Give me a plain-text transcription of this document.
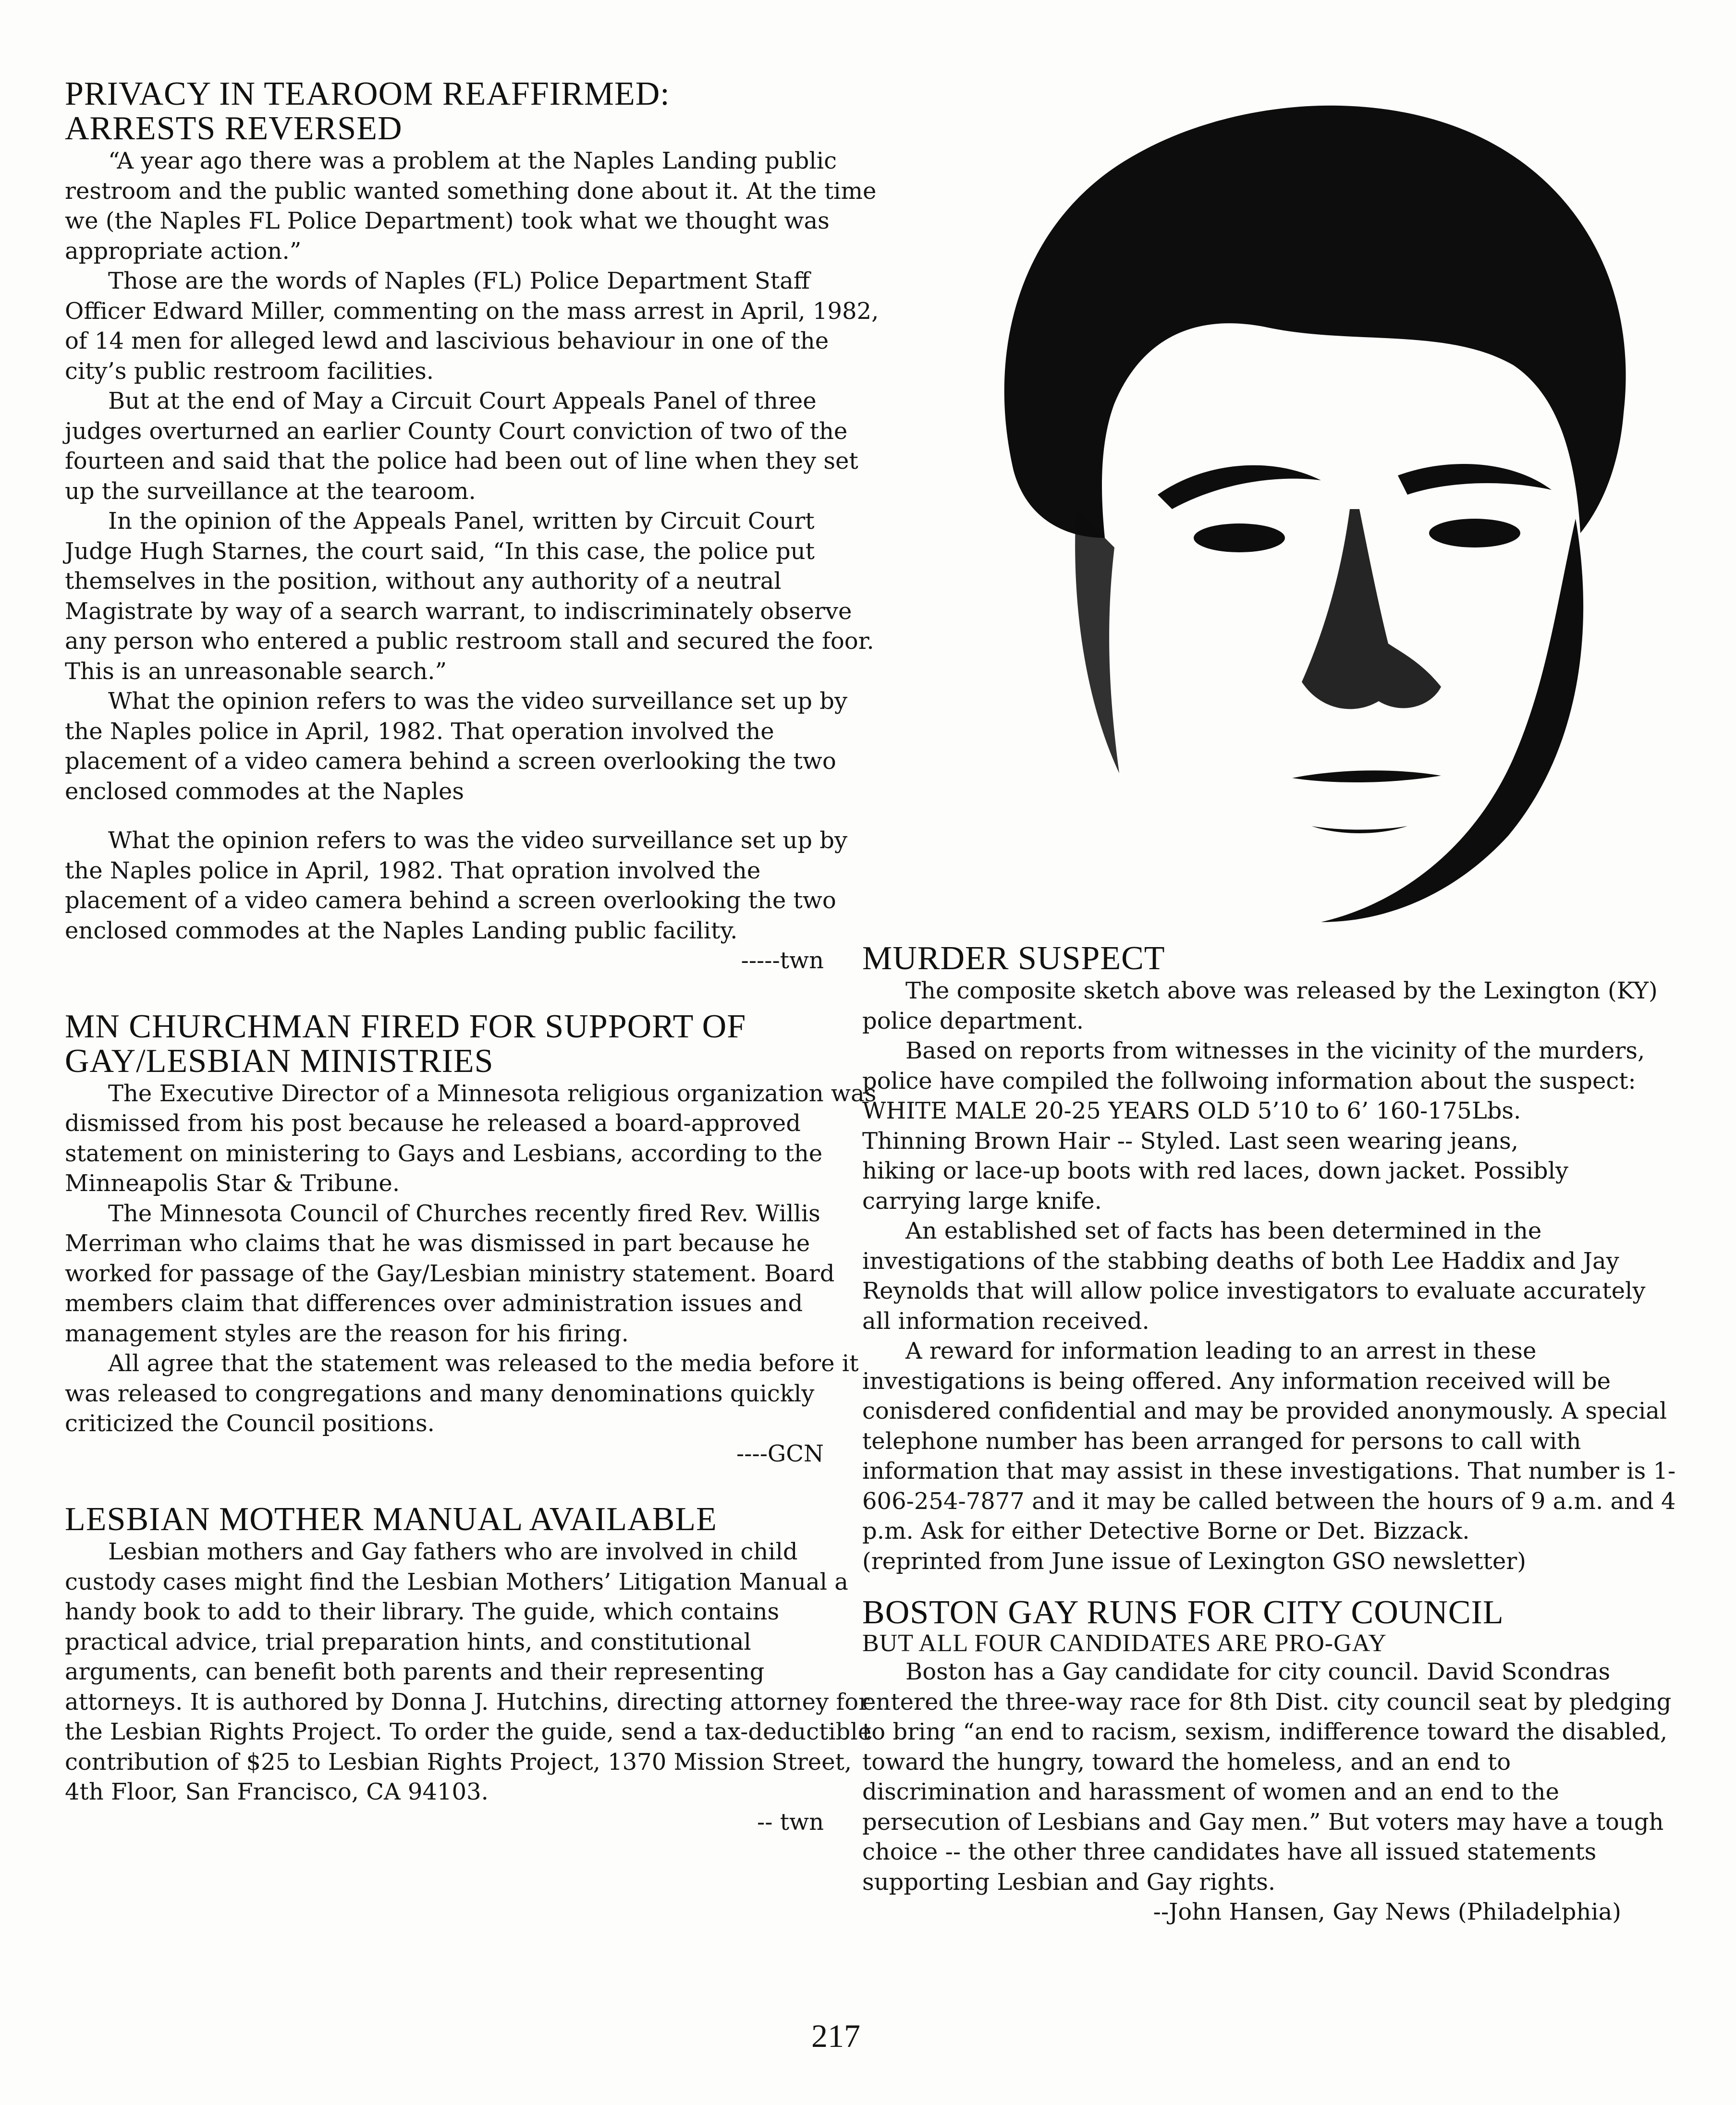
PRIVACY IN TEAROOM REAFFIRMED:
ARRESTS REVERSED

“A year ago there was a problem at the Naples Landing public restroom and the public wanted something done about it. At the time we (the Naples FL Police Department) took what we thought was appropriate action.”

Those are the words of Naples (FL) Police Department Staff Officer Edward Miller, commenting on the mass arrest in April, 1982, of 14 men for alleged lewd and lascivious behaviour in one of the city’s public restroom facilities.

But at the end of May a Circuit Court Appeals Panel of three judges overturned an earlier County Court conviction of two of the fourteen and said that the police had been out of line when they set up the surveillance at the tearoom.

In the opinion of the Appeals Panel, written by Circuit Court Judge Hugh Starnes, the court said, “In this case, the police put themselves in the position, without any authority of a neutral Magistrate by way of a search warrant, to indiscriminately observe any person who entered a public restroom stall and secured the foor. This is an unreasonable search.”

What the opinion refers to was the video surveillance set up by the Naples police in April, 1982. That operation involved the placement of a video camera behind a screen overlooking the two enclosed commodes at the Naples

What the opinion refers to was the video surveillance set up by the Naples police in April, 1982. That opration involved the placement of a video camera behind a screen overlooking the two enclosed commodes at the Naples Landing public facility.

-----twn
MN CHURCHMAN FIRED FOR SUPPORT OF
GAY/LESBIAN MINISTRIES

The Executive Director of a Minnesota religious organization was dismissed from his post because he released a board-approved statement on ministering to Gays and Lesbians, according to the Minneapolis Star & Tribune.

The Minnesota Council of Churches recently fired Rev. Willis Merriman who claims that he was dismissed in part because he worked for passage of the Gay/Lesbian ministry statement. Board members claim that differences over administration issues and management styles are the reason for his firing.

All agree that the statement was released to the media before it was released to congregations and many denominations quickly criticized the Council positions.

----GCN
LESBIAN MOTHER MANUAL AVAILABLE

Lesbian mothers and Gay fathers who are involved in child custody cases might find the Lesbian Mothers’ Litigation Manual a handy book to add to their library. The guide, which contains practical advice, trial preparation hints, and constitutional arguments, can benefit both parents and their representing attorneys. It is authored by Donna J. Hutchins, directing attorney for the Lesbian Rights Project. To order the guide, send a tax-deductible contribution of $25 to Lesbian Rights Project, 1370 Mission Street, 4th Floor, San Francisco, CA 94103.

-- twn
MURDER SUSPECT

The composite sketch above was released by the Lexington (KY) police department.

Based on reports from witnesses in the vicinity of the murders, police have compiled the follwoing information about the suspect:

WHITE MALE 20-25 YEARS OLD 5’10 to 6’ 160-175Lbs.
Thinning Brown Hair -- Styled. Last seen wearing jeans,
hiking or lace-up boots with red laces, down jacket. Possibly
carrying large knife.

An established set of facts has been determined in the investigations of the stabbing deaths of both Lee Haddix and Jay Reynolds that will allow police investigators to evaluate accurately all information received.

A reward for information leading to an arrest in these investigations is being offered. Any information received will be conisdered confidential and may be provided anonymously. A special telephone number has been arranged for persons to call with information that may assist in these investigations. That number is 1-606-254-7877 and it may be called between the hours of 9 a.m. and 4 p.m. Ask for either Detective Borne or Det. Bizzack.

(reprinted from June issue of Lexington GSO newsletter)
BOSTON GAY RUNS FOR CITY COUNCIL
BUT ALL FOUR CANDIDATES ARE PRO-GAY

Boston has a Gay candidate for city council. David Scondras entered the three-way race for 8th Dist. city council seat by pledging to bring “an end to racism, sexism, indifference toward the disabled, toward the hungry, toward the homeless, and an end to discrimination and harassment of women and an end to the persecution of Lesbians and Gay men.” But voters may have a tough choice -- the other three candidates have all issued statements supporting Lesbian and Gay rights.

--John Hansen, Gay News (Philadelphia)
217
